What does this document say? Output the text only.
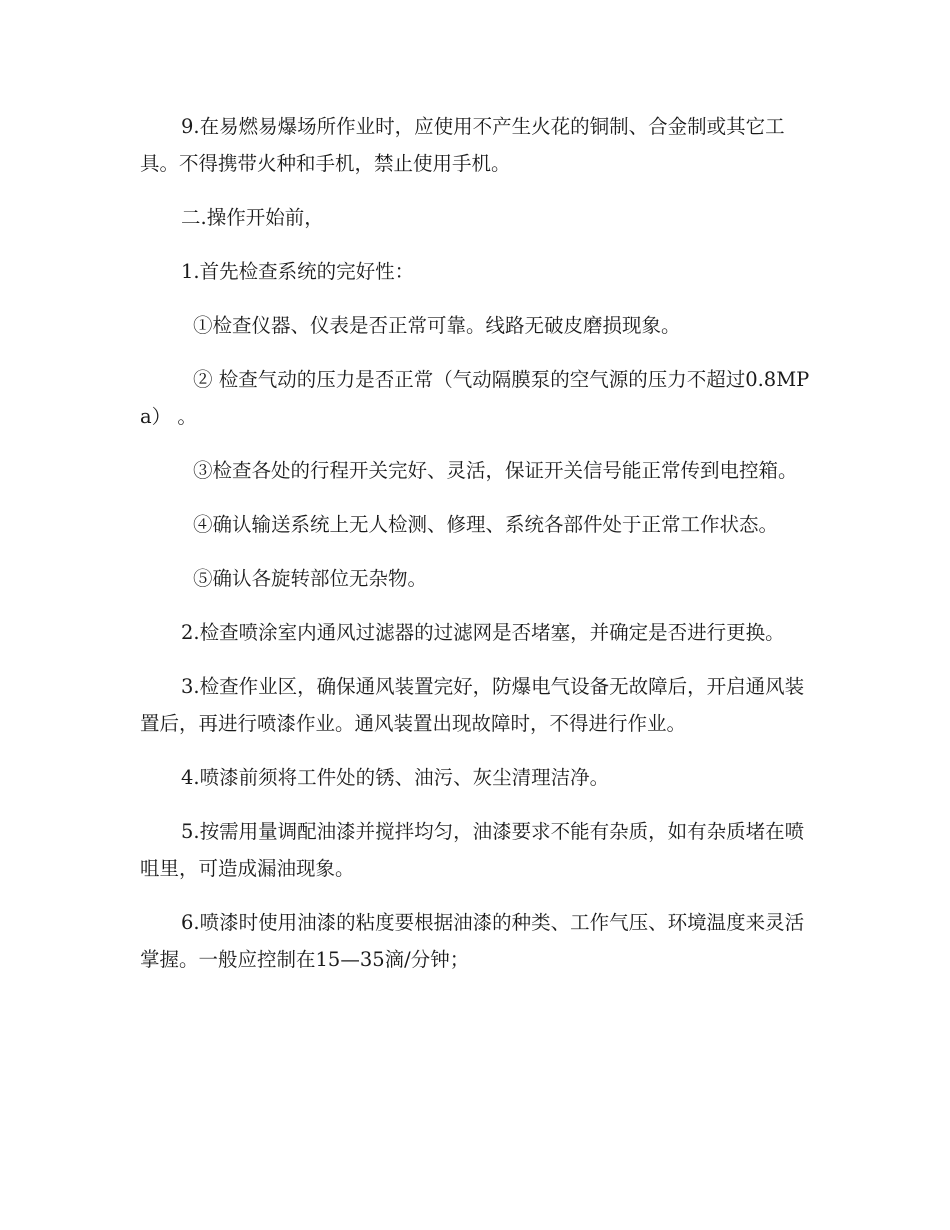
9.在易燃易爆场所作业时，应使用不产生火花的铜制、合金制或其它工具。不得携带火种和手机，禁止使用手机。

二.操作开始前，

1.首先检查系统的完好性：

①检查仪器、仪表是否正常可靠。线路无破皮磨损现象。

② 检查气动的压力是否正常（气动隔膜泵的空气源的压力不超过0.8MPa） 。

③检查各处的行程开关完好、灵活，保证开关信号能正常传到电控箱。

④确认输送系统上无人检测、修理、系统各部件处于正常工作状态。

⑤确认各旋转部位无杂物。

2.检查喷涂室内通风过滤器的过滤网是否堵塞，并确定是否进行更换。

3.检查作业区，确保通风装置完好，防爆电气设备无故障后，开启通风装置后，再进行喷漆作业。通风装置出现故障时，不得进行作业。

4.喷漆前须将工件处的锈、油污、灰尘清理洁净。

5.按需用量调配油漆并搅拌均匀，油漆要求不能有杂质，如有杂质堵在喷咀里，可造成漏油现象。

6.喷漆时使用油漆的粘度要根据油漆的种类、工作气压、环境温度来灵活掌握。一般应控制在15—35滴/分钟；
